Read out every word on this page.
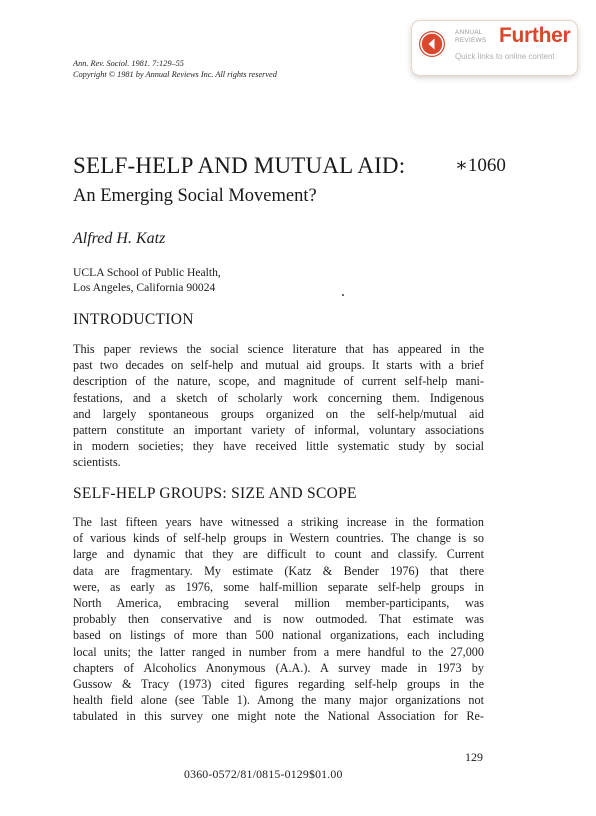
Ann. Rev. Sociol. 1981. 7:129–55
Copyright © 1981 by Annual Reviews Inc. All rights reserved
ANNUAL
REVIEWS Further
Quick links to online content
SELF-HELP AND MUTUAL AID:	∗1060
An Emerging Social Movement?
Alfred H. Katz
UCLA School of Public Health,
Los Angeles, California 90024
INTRODUCTION
This paper reviews the social science literature that has appeared in the
past two decades on self-help and mutual aid groups. It starts with a brief
description of the nature, scope, and magnitude of current self-help mani-
festations, and a sketch of scholarly work concerning them. Indigenous
and largely spontaneous groups organized on the self-help/mutual aid
pattern constitute an important variety of informal, voluntary associations
in modern societies; they have received little systematic study by social
scientists.
SELF-HELP GROUPS: SIZE AND SCOPE
The last fifteen years have witnessed a striking increase in the formation
of various kinds of self-help groups in Western countries. The change is so
large and dynamic that they are difficult to count and classify. Current
data are fragmentary. My estimate (Katz & Bender 1976) that there
were, as early as 1976, some half-million separate self-help groups in
North America, embracing several million member-participants, was
probably then conservative and is now outmoded. That estimate was
based on listings of more than 500 national organizations, each including
local units; the latter ranged in number from a mere handful to the 27,000
chapters of Alcoholics Anonymous (A.A.). A survey made in 1973 by
Gussow & Tracy (1973) cited figures regarding self-help groups in the
health field alone (see Table 1). Among the many major organizations not
tabulated in this survey one might note the National Association for Re-
129
0360-0572/81/0815-0129$01.00
